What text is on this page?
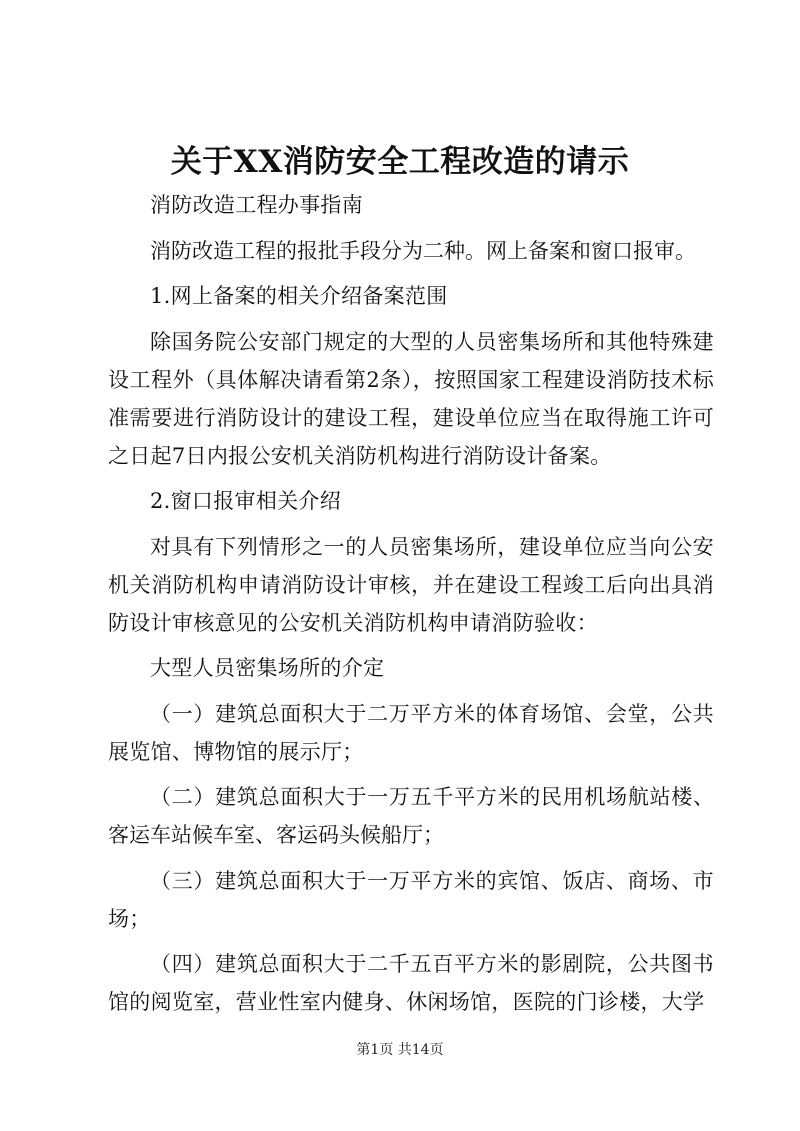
关于XX消防安全工程改造的请示

消防改造工程办事指南

消防改造工程的报批手段分为二种。网上备案和窗口报审。

1.网上备案的相关介绍备案范围

除国务院公安部门规定的大型的人员密集场所和其他特殊建设工程外（具体解决请看第2条），按照国家工程建设消防技术标准需要进行消防设计的建设工程，建设单位应当在取得施工许可之日起7日内报公安机关消防机构进行消防设计备案。

2.窗口报审相关介绍

对具有下列情形之一的人员密集场所，建设单位应当向公安机关消防机构申请消防设计审核，并在建设工程竣工后向出具消防设计审核意见的公安机关消防机构申请消防验收：

大型人员密集场所的介定

（一）建筑总面积大于二万平方米的体育场馆、会堂，公共展览馆、博物馆的展示厅；

（二）建筑总面积大于一万五千平方米的民用机场航站楼、客运车站候车室、客运码头候船厅；

（三）建筑总面积大于一万平方米的宾馆、饭店、商场、市场；

（四）建筑总面积大于二千五百平方米的影剧院，公共图书馆的阅览室，营业性室内健身、休闲场馆，医院的门诊楼，大学

第1页 共14页
